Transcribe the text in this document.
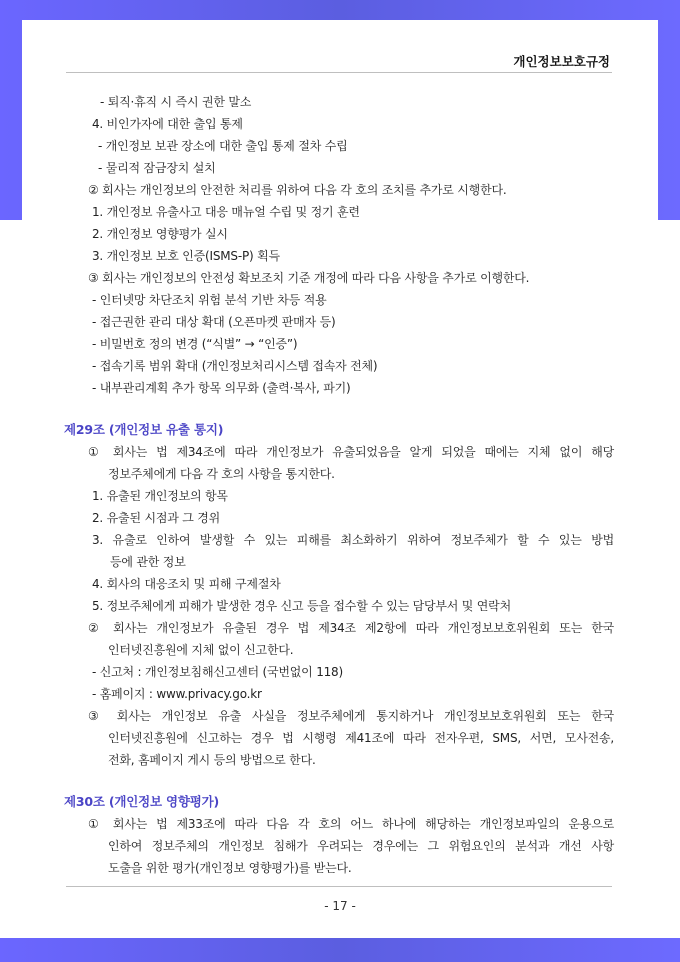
개인정보보호규정
- 퇴직·휴직 시 즉시 권한 말소
4. 비인가자에 대한 출입 통제
- 개인정보 보관 장소에 대한 출입 통제 절차 수립
- 물리적 잠금장치 설치
② 회사는 개인정보의 안전한 처리를 위하여 다음 각 호의 조치를 추가로 시행한다.
1. 개인정보 유출사고 대응 매뉴얼 수립 및 정기 훈련
2. 개인정보 영향평가 실시
3. 개인정보 보호 인증(ISMS-P) 획득
③ 회사는 개인정보의 안전성 확보조치 기준 개정에 따라 다음 사항을 추가로 이행한다.
- 인터넷망 차단조치 위험 분석 기반 차등 적용
- 접근권한 관리 대상 확대 (오픈마켓 판매자 등)
- 비밀번호 정의 변경 (“식별” → “인증”)
- 접속기록 범위 확대 (개인정보처리시스템 접속자 전체)
- 내부관리계획 추가 항목 의무화 (출력·복사, 파기)
제29조 (개인정보 유출 통지)
① 회사는 법 제34조에 따라 개인정보가 유출되었음을 알게 되었을 때에는 지체 없이 해당
정보주체에게 다음 각 호의 사항을 통지한다.
1. 유출된 개인정보의 항목
2. 유출된 시점과 그 경위
3. 유출로 인하여 발생할 수 있는 피해를 최소화하기 위하여 정보주체가 할 수 있는 방법
등에 관한 정보
4. 회사의 대응조치 및 피해 구제절차
5. 정보주체에게 피해가 발생한 경우 신고 등을 접수할 수 있는 담당부서 및 연락처
② 회사는 개인정보가 유출된 경우 법 제34조 제2항에 따라 개인정보보호위원회 또는 한국
인터넷진흥원에 지체 없이 신고한다.
- 신고처 : 개인정보침해신고센터 (국번없이 118)
- 홈페이지 : www.privacy.go.kr
③ 회사는 개인정보 유출 사실을 정보주체에게 통지하거나 개인정보보호위원회 또는 한국
인터넷진흥원에 신고하는 경우 법 시행령 제41조에 따라 전자우편, SMS, 서면, 모사전송,
전화, 홈페이지 게시 등의 방법으로 한다.
제30조 (개인정보 영향평가)
① 회사는 법 제33조에 따라 다음 각 호의 어느 하나에 해당하는 개인정보파일의 운용으로
인하여 정보주체의 개인정보 침해가 우려되는 경우에는 그 위험요인의 분석과 개선 사항
도출을 위한 평가(개인정보 영향평가)를 받는다.
- 17 -
